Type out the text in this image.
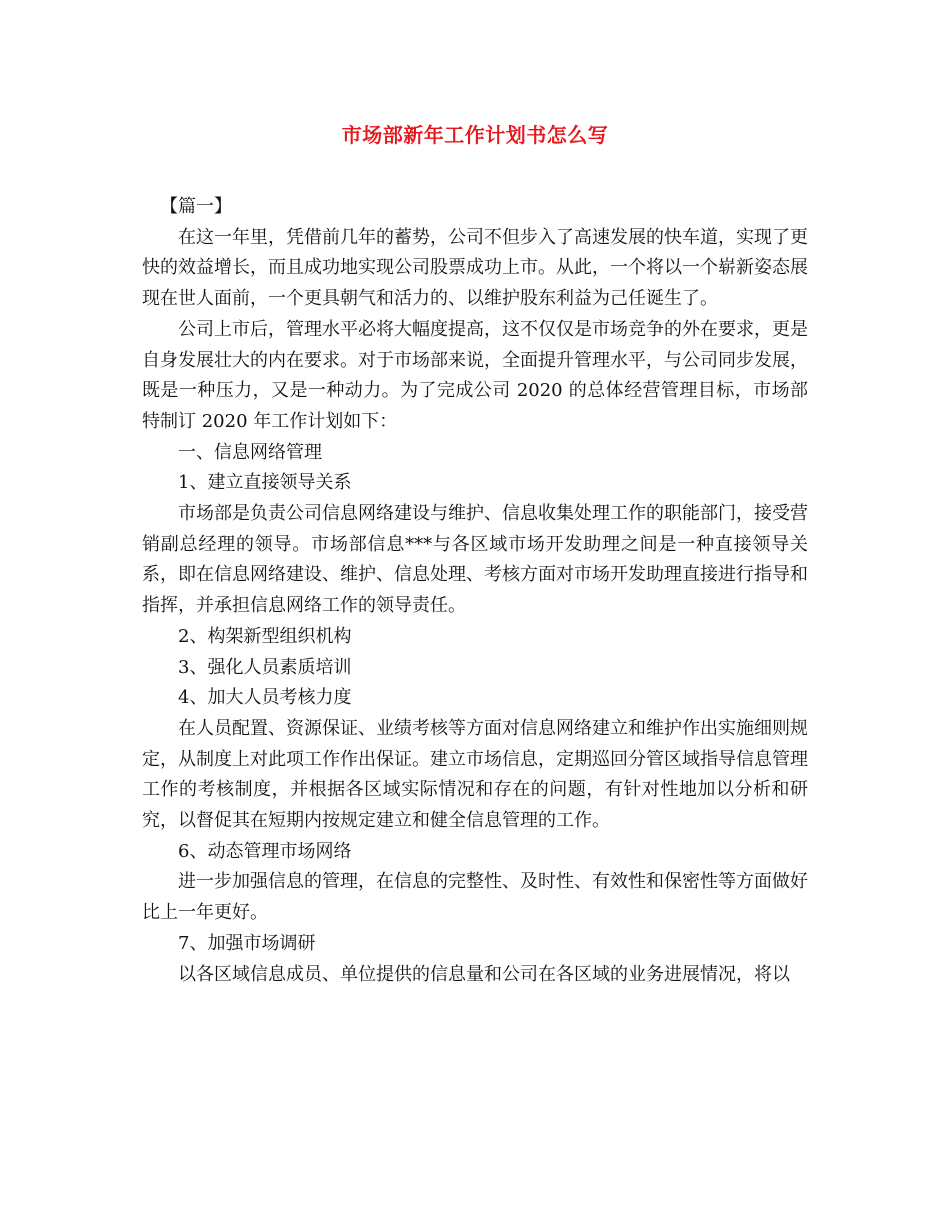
市场部新年工作计划书怎么写

【篇一】

在这一年里，凭借前几年的蓄势，公司不但步入了高速发展的快车道，实现了更快的效益增长，而且成功地实现公司股票成功上市。从此，一个将以一个崭新姿态展现在世人面前，一个更具朝气和活力的、以维护股东利益为己任诞生了。

公司上市后，管理水平必将大幅度提高，这不仅仅是市场竞争的外在要求，更是自身发展壮大的内在要求。对于市场部来说，全面提升管理水平，与公司同步发展，既是一种压力，又是一种动力。为了完成公司 2020 的总体经营管理目标，市场部特制订 2020 年工作计划如下：

一、信息网络管理

1、建立直接领导关系

市场部是负责公司信息网络建设与维护、信息收集处理工作的职能部门，接受营销副总经理的领导。市场部信息***与各区域市场开发助理之间是一种直接领导关系，即在信息网络建设、维护、信息处理、考核方面对市场开发助理直接进行指导和指挥，并承担信息网络工作的领导责任。

2、构架新型组织机构

3、强化人员素质培训

4、加大人员考核力度

在人员配置、资源保证、业绩考核等方面对信息网络建立和维护作出实施细则规定，从制度上对此项工作作出保证。建立市场信息，定期巡回分管区域指导信息管理工作的考核制度，并根据各区域实际情况和存在的问题，有针对性地加以分析和研究，以督促其在短期内按规定建立和健全信息管理的工作。

6、动态管理市场网络

进一步加强信息的管理，在信息的完整性、及时性、有效性和保密性等方面做好比上一年更好。

7、加强市场调研

以各区域信息成员、单位提供的信息量和公司在各区域的业务进展情况，将以
